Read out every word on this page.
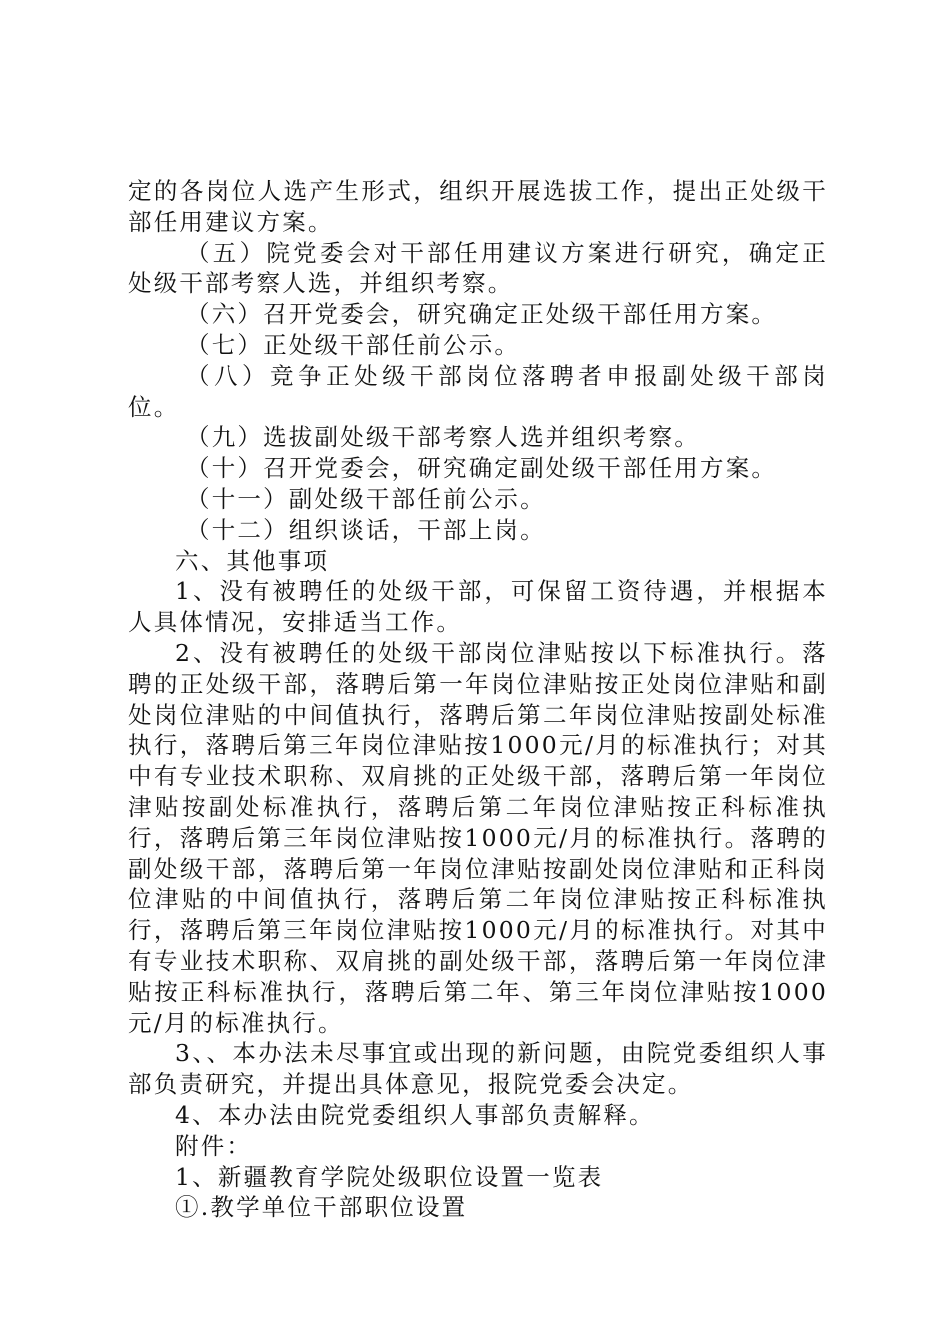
定的各岗位人选产生形式，组织开展选拔工作，提出正处级干部任用建议方案。

（五）院党委会对干部任用建议方案进行研究，确定正处级干部考察人选，并组织考察。

（六）召开党委会，研究确定正处级干部任用方案。

（七）正处级干部任前公示。

（八）竞争正处级干部岗位落聘者申报副处级干部岗位。

（九）选拔副处级干部考察人选并组织考察。

（十）召开党委会，研究确定副处级干部任用方案。

（十一）副处级干部任前公示。

（十二）组织谈话，干部上岗。

六、其他事项

1、没有被聘任的处级干部，可保留工资待遇，并根据本人具体情况，安排适当工作。

2、没有被聘任的处级干部岗位津贴按以下标准执行。落聘的正处级干部，落聘后第一年岗位津贴按正处岗位津贴和副处岗位津贴的中间值执行，落聘后第二年岗位津贴按副处标准执行，落聘后第三年岗位津贴按1000元/月的标准执行；对其中有专业技术职称、双肩挑的正处级干部，落聘后第一年岗位津贴按副处标准执行，落聘后第二年岗位津贴按正科标准执行，落聘后第三年岗位津贴按1000元/月的标准执行。落聘的副处级干部，落聘后第一年岗位津贴按副处岗位津贴和正科岗位津贴的中间值执行，落聘后第二年岗位津贴按正科标准执行，落聘后第三年岗位津贴按1000元/月的标准执行。对其中有专业技术职称、双肩挑的副处级干部，落聘后第一年岗位津贴按正科标准执行，落聘后第二年、第三年岗位津贴按1000元/月的标准执行。

3、、本办法未尽事宜或出现的新问题，由院党委组织人事部负责研究，并提出具体意见，报院党委会决定。

4、本办法由院党委组织人事部负责解释。

附件：

1、新疆教育学院处级职位设置一览表

①.教学单位干部职位设置
